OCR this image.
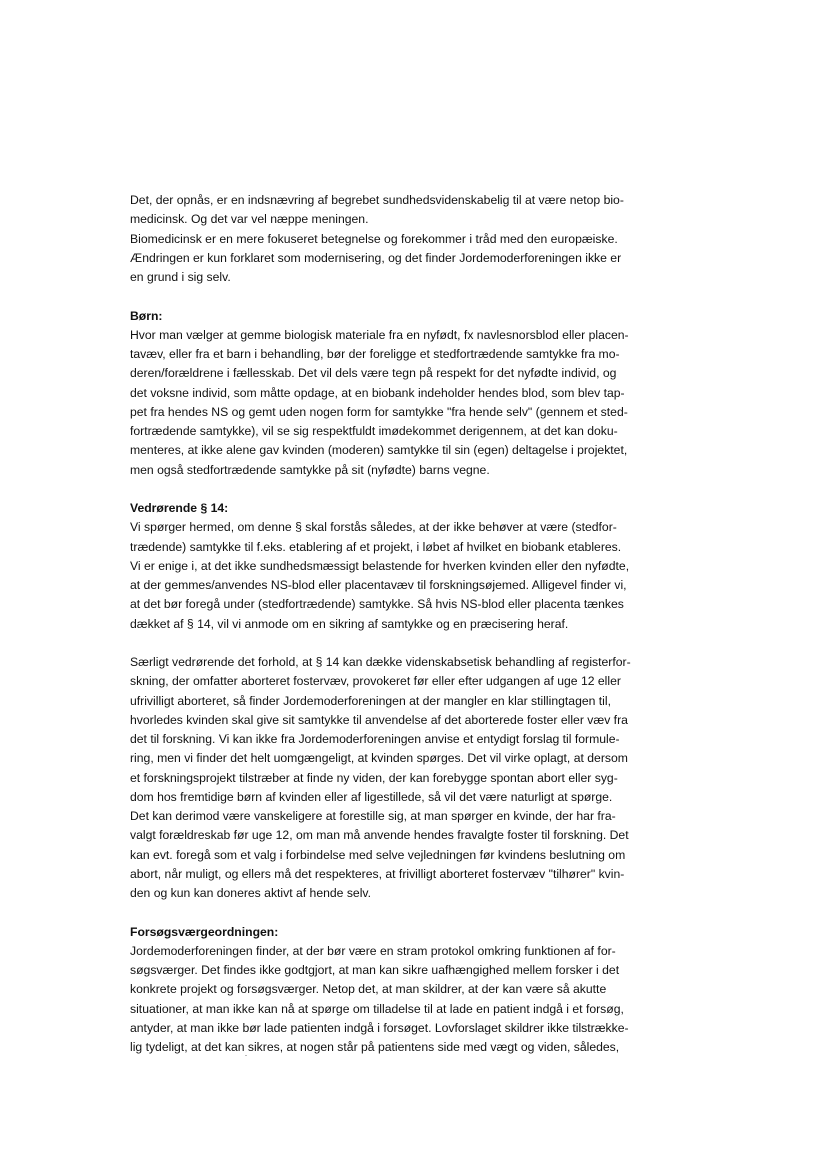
Det, der opnås, er en indsnævring af begrebet sundhedsvidenskabelig til at være netop bio-
medicinsk. Og det var vel næppe meningen.
Biomedicinsk er en mere fokuseret betegnelse og forekommer i tråd med den europæiske.
Ændringen er kun forklaret som modernisering, og det finder Jordemoderforeningen ikke er
en grund i sig selv.
Børn:
Hvor man vælger at gemme biologisk materiale fra en nyfødt, fx navlesnorsblod eller placen-
tavæv, eller fra et barn i behandling, bør der foreligge et stedfortrædende samtykke fra mo-
deren/forældrene i fællesskab. Det vil dels være tegn på respekt for det nyfødte individ, og
det voksne individ, som måtte opdage, at en biobank indeholder hendes blod, som blev tap-
pet fra hendes NS og gemt uden nogen form for samtykke "fra hende selv" (gennem et sted-
fortrædende samtykke), vil se sig respektfuldt imødekommet derigennem, at det kan doku-
menteres, at ikke alene gav kvinden (moderen) samtykke til sin (egen) deltagelse i projektet,
men også stedfortrædende samtykke på sit (nyfødte) barns vegne.
Vedrørende § 14:
Vi spørger hermed, om denne § skal forstås således, at der ikke behøver at være (stedfor-
trædende) samtykke til f.eks. etablering af et projekt, i løbet af hvilket en biobank etableres.
Vi er enige i, at det ikke sundhedsmæssigt belastende for hverken kvinden eller den nyfødte,
at der gemmes/anvendes NS-blod eller placentavæv til forskningsøjemed. Alligevel finder vi,
at det bør foregå under (stedfortrædende) samtykke. Så hvis NS-blod eller placenta tænkes
dækket af § 14, vil vi anmode om en sikring af samtykke og en præcisering heraf.
Særligt vedrørende det forhold, at § 14 kan dække videnskabsetisk behandling af registerfor-
skning, der omfatter aborteret fostervæv, provokeret før eller efter udgangen af uge 12 eller
ufrivilligt aborteret, så finder Jordemoderforeningen at der mangler en klar stillingtagen til,
hvorledes kvinden skal give sit samtykke til anvendelse af det aborterede foster eller væv fra
det til forskning. Vi kan ikke fra Jordemoderforeningen anvise et entydigt forslag til formule-
ring, men vi finder det helt uomgængeligt, at kvinden spørges. Det vil virke oplagt, at dersom
et forskningsprojekt tilstræber at finde ny viden, der kan forebygge spontan abort eller syg-
dom hos fremtidige børn af kvinden eller af ligestillede, så vil det være naturligt at spørge.
Det kan derimod være vanskeligere at forestille sig, at man spørger en kvinde, der har fra-
valgt forældreskab før uge 12, om man må anvende hendes fravalgte foster til forskning. Det
kan evt. foregå som et valg i forbindelse med selve vejledningen før kvindens beslutning om
abort, når muligt, og ellers må det respekteres, at frivilligt aborteret fostervæv "tilhører" kvin-
den og kun kan doneres aktivt af hende selv.
Forsøgsværgeordningen:
Jordemoderforeningen finder, at der bør være en stram protokol omkring funktionen af for-
søgsværger. Det findes ikke godtgjort, at man kan sikre uafhængighed mellem forsker i det
konkrete projekt og forsøgsværger. Netop det, at man skildrer, at der kan være så akutte
situationer, at man ikke kan nå at spørge om tilladelse til at lade en patient indgå i et forsøg,
antyder, at man ikke bør lade patienten indgå i forsøget. Lovforslaget skildrer ikke tilstrække-
lig tydeligt, at det kan sikres, at nogen står på patientens side med vægt og viden, således,
